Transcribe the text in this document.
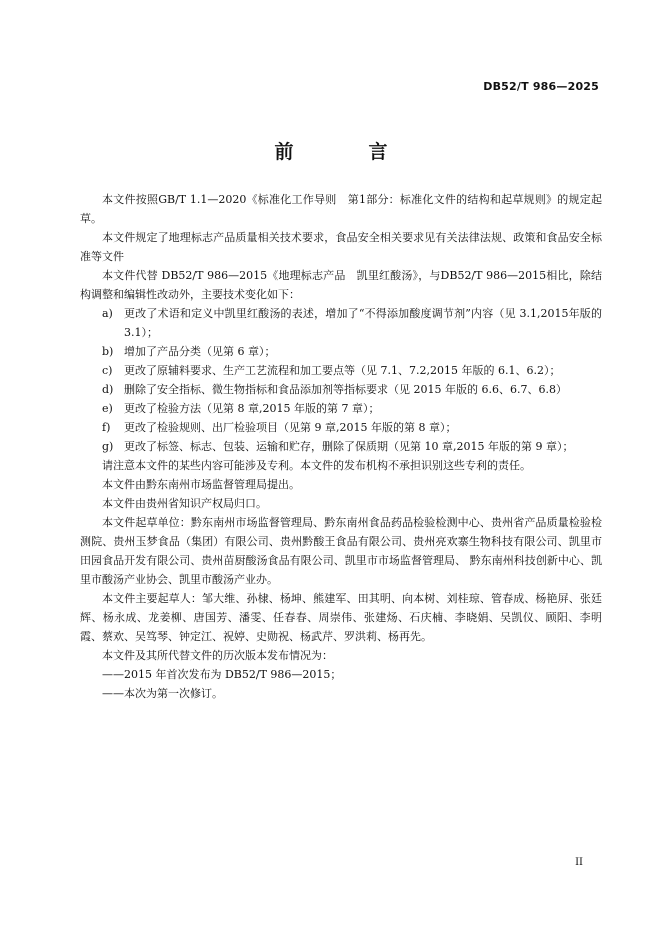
DB52/T 986—2025
前　言

本文件按照GB/T 1.1—2020《标准化工作导则　第1部分：标准化文件的结构和起草规则》的规定起草。

本文件规定了地理标志产品质量相关技术要求，食品安全相关要求见有关法律法规、政策和食品安全标准等文件

本文件代替 DB52/T 986—2015《地理标志产品　凯里红酸汤》，与DB52/T 986—2015相比，除结构调整和编辑性改动外，主要技术变化如下：

a)	更改了术语和定义中凯里红酸汤的表述，增加了“不得添加酸度调节剂”内容（见 3.1,2015年版的 3.1）；
b) 增加了产品分类（见第 6 章）；
c)	更改了原辅料要求、生产工艺流程和加工要点等（见 7.1、7.2,2015 年版的 6.1、6.2）；
d) 删除了安全指标、微生物指标和食品添加剂等指标要求（见 2015 年版的 6.6、6.7、6.8）
e)	更改了检验方法（见第 8 章,2015 年版的第 7 章）；
f)	更改了检验规则、出厂检验项目（见第 9 章,2015 年版的第 8 章）；
g) 更改了标签、标志、包装、运输和贮存，删除了保质期（见第 10 章,2015 年版的第 9 章）；

请注意本文件的某些内容可能涉及专利。本文件的发布机构不承担识别这些专利的责任。

本文件由黔东南州市场监督管理局提出。

本文件由贵州省知识产权局归口。

本文件起草单位：黔东南州市场监督管理局、黔东南州食品药品检验检测中心、贵州省产品质量检验检测院、贵州玉梦食品（集团）有限公司、贵州黔酸王食品有限公司、贵州亮欢寨生物科技有限公司、凯里市田园食品开发有限公司、贵州苗厨酸汤食品有限公司、凯里市市场监督管理局、 黔东南州科技创新中心、凯里市酸汤产业协会、凯里市酸汤产业办。

本文件主要起草人：邹大维、孙棣、杨坤、熊建军、田其明、向本树、刘桂琼、管春成、杨艳屏、张廷辉、杨永成、龙姜柳、唐国芳、潘雯、任春春、周崇伟、张建炀、石庆楠、李晓娟、吴凯仪、顾阳、李明霞、蔡欢、吴笃琴、钟定江、祝婷、史勋祝、杨武芹、罗洪莉、杨再先。

本文件及其所代替文件的历次版本发布情况为：

——2015 年首次发布为 DB52/T 986—2015；

——本次为第一次修订。

II
